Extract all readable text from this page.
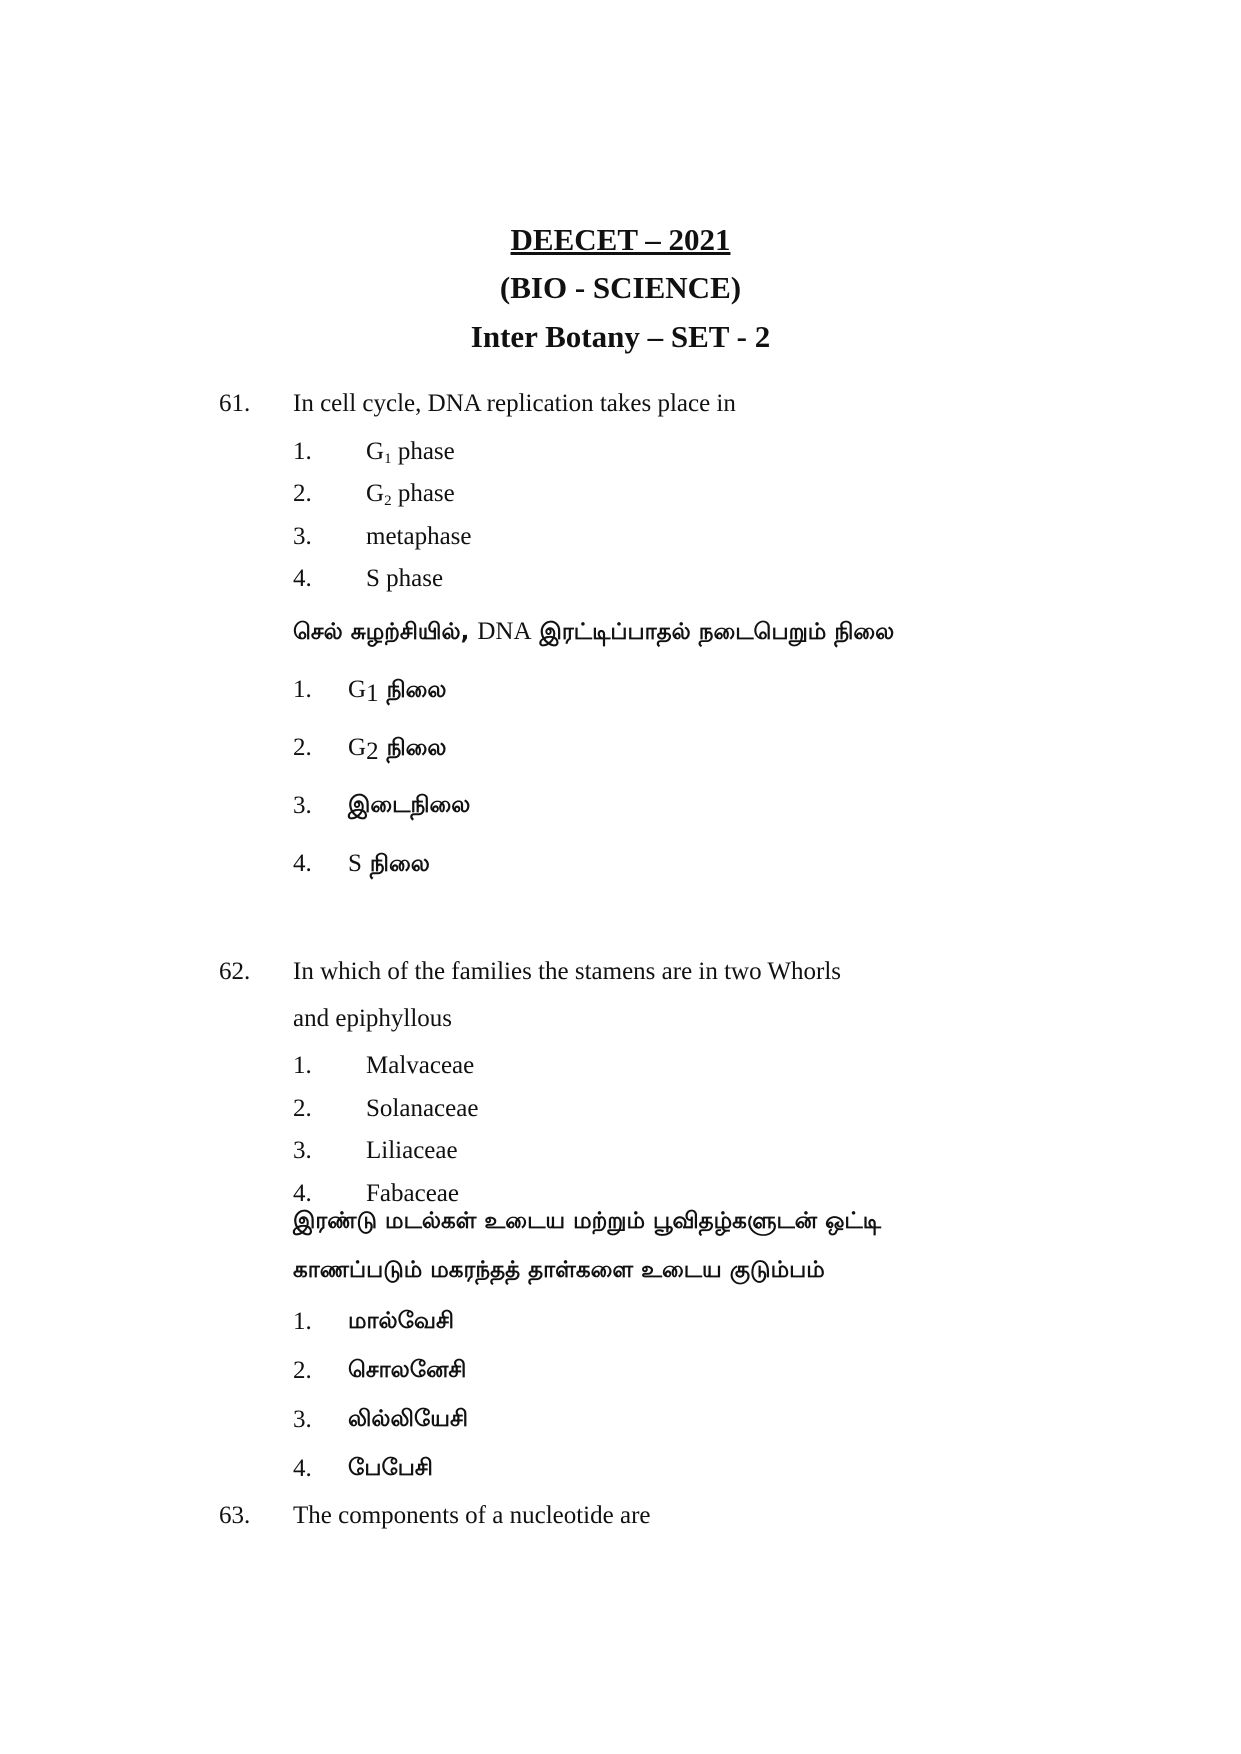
DEECET – 2021
(BIO - SCIENCE)
Inter Botany – SET - 2
61. In cell cycle, DNA replication takes place in
1. $G_1$ phase
2. $G_2$ phase
3. metaphase
4. S phase
செல் சுழற்சியில், DNA இரட்டிப்பாதல் நடைபெறும் நிலை
1. $G_1$ நிலை
2. $G_2$ நிலை
3. இடைநிலை
4. S நிலை
62. In which of the families the stamens are in two Whorls
and epiphyllous
1. Malvaceae
2. Solanaceae
3. Liliaceae
4. Fabaceae
இரண்டு மடல்கள் உடைய மற்றும் பூவிதழ்களுடன் ஒட்டி
காணப்படும் மகரந்தத் தாள்களை உடைய குடும்பம்
1. மால்வேசி
2. சொலனேசி
3. லில்லியேசி
4. பேபேசி
63. The components of a nucleotide are
